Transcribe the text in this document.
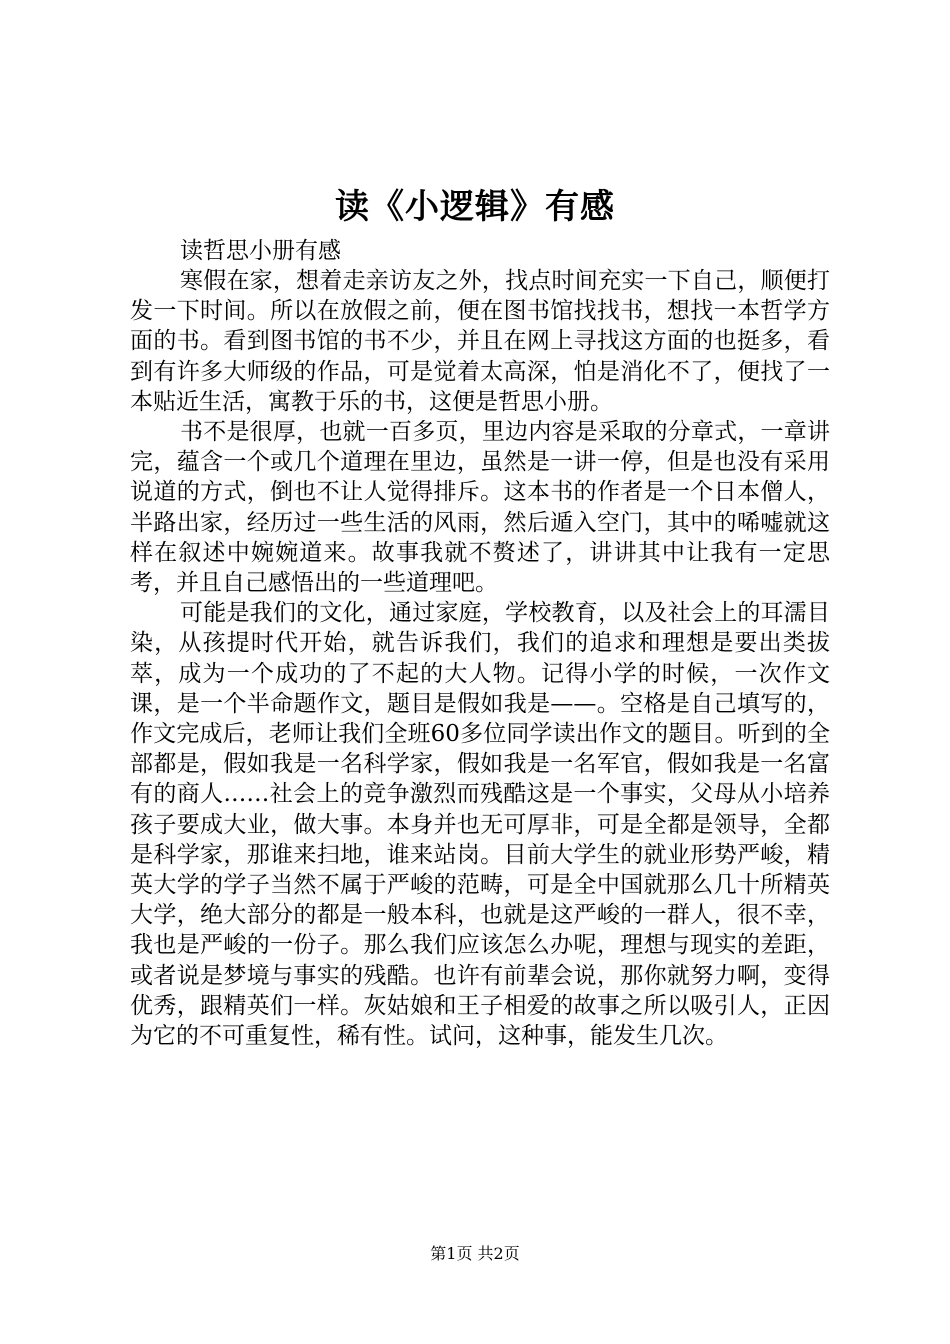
读《小逻辑》有感
读哲思小册有感

寒假在家，想着走亲访友之外，找点时间充实一下自己，顺便打发一下时间。所以在放假之前，便在图书馆找找书，想找一本哲学方面的书。看到图书馆的书不少，并且在网上寻找这方面的也挺多，看到有许多大师级的作品，可是觉着太高深，怕是消化不了，便找了一本贴近生活，寓教于乐的书，这便是哲思小册。

书不是很厚，也就一百多页，里边内容是采取的分章式，一章讲完，蕴含一个或几个道理在里边，虽然是一讲一停，但是也没有采用说道的方式，倒也不让人觉得排斥。这本书的作者是一个日本僧人，半路出家，经历过一些生活的风雨，然后遁入空门，其中的唏嘘就这样在叙述中婉婉道来。故事我就不赘述了，讲讲其中让我有一定思考，并且自己感悟出的一些道理吧。

可能是我们的文化，通过家庭，学校教育，以及社会上的耳濡目染，从孩提时代开始，就告诉我们，我们的追求和理想是要出类拔萃，成为一个成功的了不起的大人物。记得小学的时候，一次作文课，是一个半命题作文，题目是假如我是——。空格是自己填写的，作文完成后，老师让我们全班60多位同学读出作文的题目。听到的全部都是，假如我是一名科学家，假如我是一名军官，假如我是一名富有的商人……社会上的竞争激烈而残酷这是一个事实，父母从小培养孩子要成大业，做大事。本身并也无可厚非，可是全都是领导，全都是科学家，那谁来扫地，谁来站岗。目前大学生的就业形势严峻，精英大学的学子当然不属于严峻的范畴，可是全中国就那么几十所精英大学，绝大部分的都是一般本科，也就是这严峻的一群人，很不幸，我也是严峻的一份子。那么我们应该怎么办呢，理想与现实的差距，或者说是梦境与事实的残酷。也许有前辈会说，那你就努力啊，变得优秀，跟精英们一样。灰姑娘和王子相爱的故事之所以吸引人，正因为它的不可重复性，稀有性。试问，这种事，能发生几次。

第1页 共2页
